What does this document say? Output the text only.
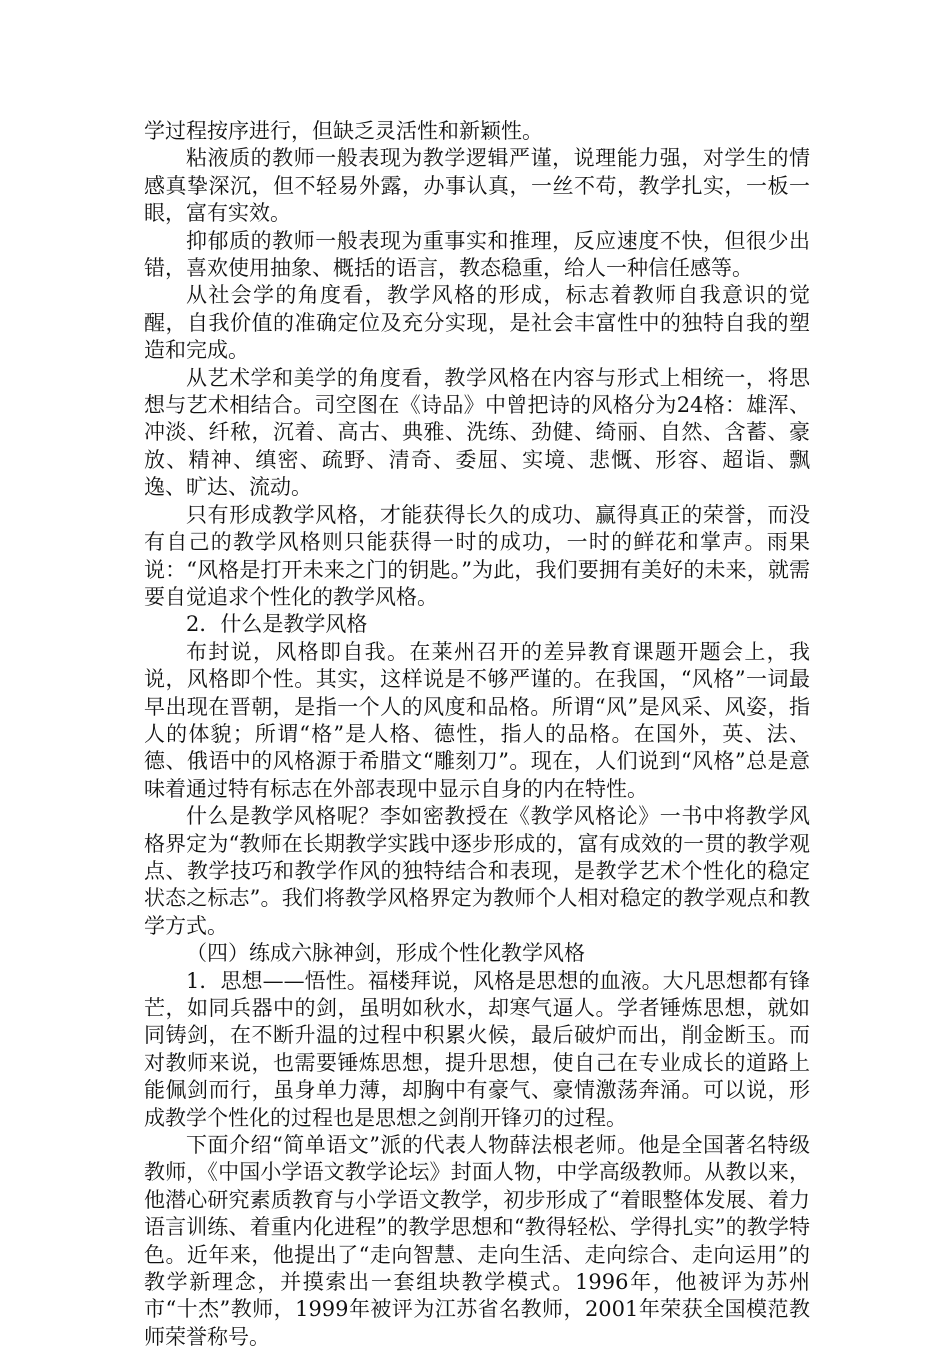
学过程按序进行，但缺乏灵活性和新颖性。

粘液质的教师一般表现为教学逻辑严谨，说理能力强，对学生的情感真挚深沉，但不轻易外露，办事认真，一丝不苟，教学扎实，一板一眼，富有实效。

抑郁质的教师一般表现为重事实和推理，反应速度不快，但很少出错，喜欢使用抽象、概括的语言，教态稳重，给人一种信任感等。

从社会学的角度看，教学风格的形成，标志着教师自我意识的觉醒，自我价值的准确定位及充分实现，是社会丰富性中的独特自我的塑造和完成。

从艺术学和美学的角度看，教学风格在内容与形式上相统一，将思想与艺术相结合。司空图在《诗品》中曾把诗的风格分为24格：雄浑、冲淡、纤秾，沉着、高古、典雅、洗练、劲健、绮丽、自然、含蓄、豪放、精神、缜密、疏野、清奇、委屈、实境、悲慨、形容、超诣、飘逸、旷达、流动。

只有形成教学风格，才能获得长久的成功、赢得真正的荣誉，而没有自己的教学风格则只能获得一时的成功，一时的鲜花和掌声。雨果说：“风格是打开未来之门的钥匙。”为此，我们要拥有美好的未来，就需要自觉追求个性化的教学风格。

2．什么是教学风格

布封说，风格即自我。在莱州召开的差异教育课题开题会上，我说，风格即个性。其实，这样说是不够严谨的。在我国，“风格”一词最早出现在晋朝，是指一个人的风度和品格。所谓“风”是风采、风姿，指人的体貌；所谓“格”是人格、德性，指人的品格。在国外，英、法、德、俄语中的风格源于希腊文“雕刻刀”。现在，人们说到“风格”总是意味着通过特有标志在外部表现中显示自身的内在特性。

什么是教学风格呢？李如密教授在《教学风格论》一书中将教学风格界定为“教师在长期教学实践中逐步形成的，富有成效的一贯的教学观点、教学技巧和教学作风的独特结合和表现，是教学艺术个性化的稳定状态之标志”。我们将教学风格界定为教师个人相对稳定的教学观点和教学方式。

（四）练成六脉神剑，形成个性化教学风格

1．思想——悟性。福楼拜说，风格是思想的血液。大凡思想都有锋芒，如同兵器中的剑，虽明如秋水，却寒气逼人。学者锤炼思想，就如同铸剑，在不断升温的过程中积累火候，最后破炉而出，削金断玉。而对教师来说，也需要锤炼思想，提升思想，使自己在专业成长的道路上能佩剑而行，虽身单力薄，却胸中有豪气、豪情激荡奔涌。可以说，形成教学个性化的过程也是思想之剑削开锋刃的过程。

下面介绍“简单语文”派的代表人物薛法根老师。他是全国著名特级教师，《中国小学语文教学论坛》封面人物，中学高级教师。从教以来，他潜心研究素质教育与小学语文教学，初步形成了“着眼整体发展、着力语言训练、着重内化进程”的教学思想和“教得轻松、学得扎实”的教学特色。近年来，他提出了“走向智慧、走向生活、走向综合、走向运用”的教学新理念，并摸索出一套组块教学模式。1996年，他被评为苏州市“十杰”教师，1999年被评为江苏省名教师，2001年荣获全国模范教师荣誉称号。
